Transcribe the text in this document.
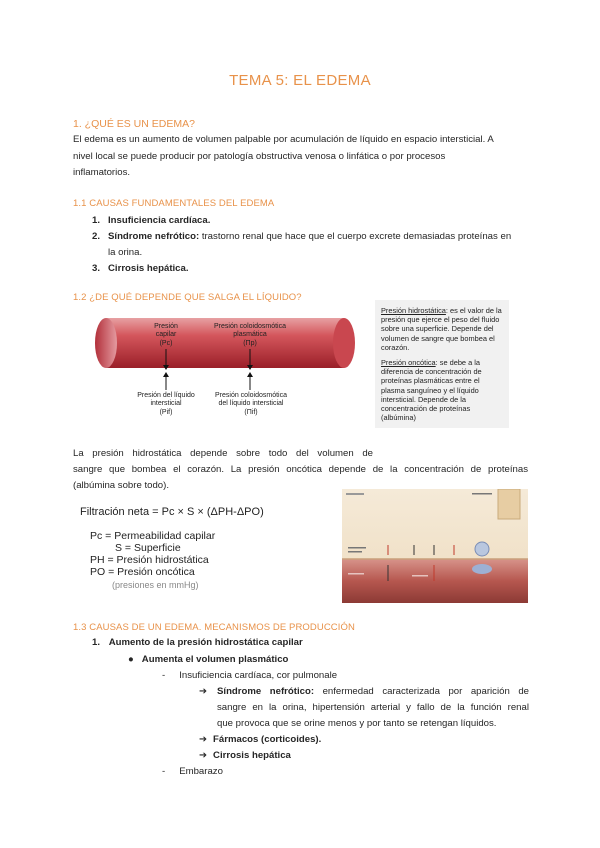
TEMA 5: EL EDEMA
1. ¿QUÉ ES UN EDEMA?
El edema es un aumento de volumen palpable por acumulación de líquido en espacio intersticial. A
nivel local se puede producir por patología obstructiva venosa o linfática o por procesos
inflamatorios.
1.1 CAUSAS FUNDAMENTALES DEL EDEMA
1. Insuficiencia cardíaca.
2. Síndrome nefrótico: trastorno renal que hace que el cuerpo excrete demasiadas proteínas en
la orina.
3. Cirrosis hepática.
1.2 ¿DE QUÉ DEPENDE QUE SALGA EL LÍQUIDO?
Presión
capilar
(Pc)
Presión coloidosmótica
plasmática
(Πp)
Presión del líquido
intersticial
(Pif)
Presión coloidosmótica
del líquido intersticial
(Πif)
Presión hidrostática: es el valor de la presión que ejerce el peso del fluido sobre una superficie. Depende del volumen de sangre que bombea el corazón.
Presión oncótica: se debe a la diferencia de concentración de proteínas plasmáticas entre el plasma sanguíneo y el líquido intersticial. Depende de la concentración de proteínas (albúmina)
La presión hidrostática depende sobre todo del volumen de
sangre que bombea el corazón. La presión oncótica depende de la concentración de proteínas
(albúmina sobre todo).
Filtración neta = Pc × S × (ΔPH-ΔPO)
Pc = Permeabilidad capilar
S = Superficie
PH = Presión hidrostática
PO = Presión oncótica
(presiones en mmHg)
1.3 CAUSAS DE UN EDEMA. MECANISMOS DE PRODUCCIÓN
1. Aumento de la presión hidrostática capilar
● Aumenta el volumen plasmático
- Insuficiencia cardíaca, cor pulmonale
➔	Síndrome nefrótico: enfermedad caracterizada por aparición de
sangre en la orina, hipertensión arterial y fallo de la función renal
que provoca que se orine menos y por tanto se retengan líquidos.
➔ Fármacos (corticoides).
➔ Cirrosis hepática
- Embarazo
